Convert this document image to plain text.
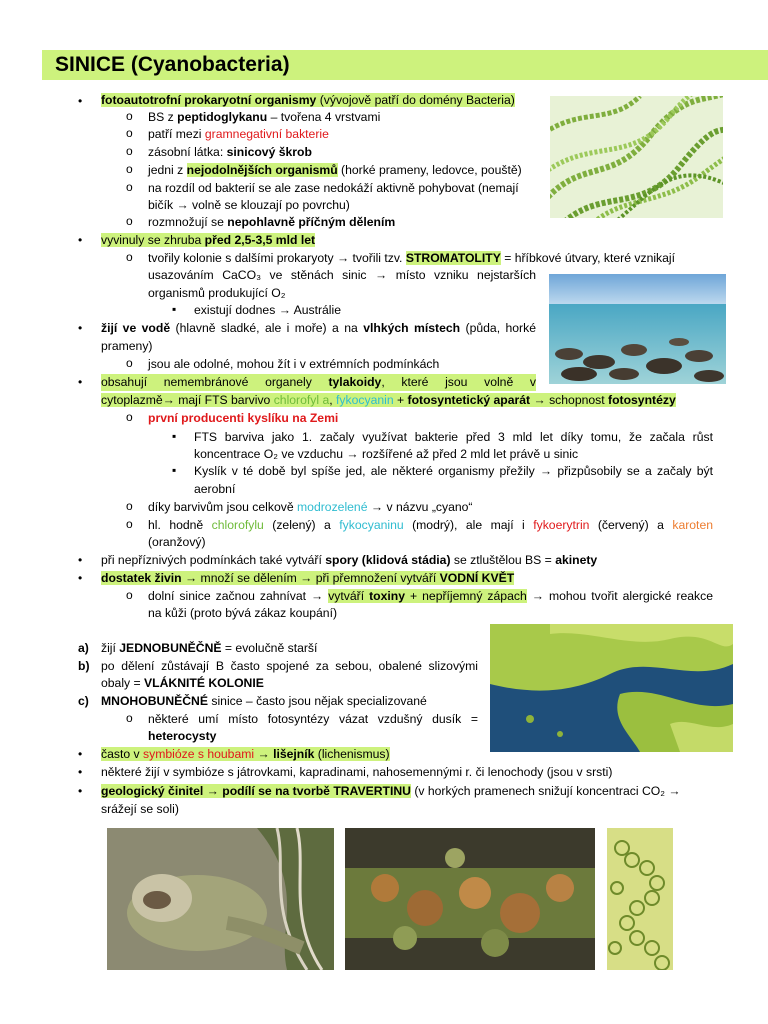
SINICE (Cyanobacteria)
• fotoautotrofní prokaryotní organismy (vývojově patří do domény Bacteria)
o BS z peptidoglykanu – tvořena 4 vrstvami
o patří mezi gramnegativní bakterie
o zásobní látka: sinicový škrob
o jedni z nejodolnějších organismů (horké prameny, ledovce, pouště)
o na rozdíl od bakterií se ale zase nedokáží aktivně pohybovat (nemají
bičík → volně se klouzají po povrchu)
o rozmnožují se nepohlavně příčným dělením
• vyvinuly se zhruba před 2,5-3,5 mld let
o tvořily kolonie s dalšími prokaryoty → tvořili tzv. STROMATOLITY = hříbkové útvary, které vznikají
usazováním CaCO₃ ve stěnách sinic → místo vzniku nejstarších
organismů produkující O₂
▪ existují dodnes → Austrálie
• žijí ve vodě (hlavně sladké, ale i moře) a na vlhkých místech (půda, horké
prameny)
o jsou ale odolné, mohou žít i v extrémních podmínkách
• obsahují nemembránové organely tylakoidy, které jsou volně v
cytoplazmě→ mají FTS barvivo chlorofyl a, fykocyanin + fotosyntetický aparát → schopnost fotosyntézy
o první producenti kyslíku na Zemi
▪ FTS barviva jako 1. začaly využívat bakterie před 3 mld let díky tomu, že začala růst
koncentrace O₂ ve vzduchu → rozšířené až před 2 mld let právě u sinic
▪ Kyslík v té době byl spíše jed, ale některé organismy přežily → přizpůsobily se a začaly být
aerobní
o díky barvivům jsou celkově modrozelené → v názvu „cyano“
o hl. hodně chlorofylu (zelený) a fykocyaninu (modrý), ale mají i fykoerytrin (červený) a karoten
(oranžový)
• při nepříznivých podmínkách také vytváří spory (klidová stádia) se ztluštělou BS = akinety
• dostatek živin → množí se dělením → při přemnožení vytváří VODNÍ KVĚT
o dolní sinice začnou zahnívat → vytváří toxiny + nepříjemný zápach → mohou tvořit alergické reakce
na kůži (proto bývá zákaz koupání)
a) žijí JEDNOBUNĚČNĚ = evolučně starší
b) po dělení zůstávají B často spojené za sebou, obalené slizovými
obaly = VLÁKNITÉ KOLONIE
c) MNOHOBUNĚČNÉ sinice – často jsou nějak specializované
o některé umí místo fotosyntézy vázat vzdušný dusík =
heterocysty
• často v symbióze s houbami → lišejník (lichenismus)
• některé žijí v symbióze s játrovkami, kapradinami, nahosemennými r. či lenochody (jsou v srsti)
• geologický činitel → podílí se na tvorbě TRAVERTINU (v horkých pramenech snižují koncentraci CO₂ →
srážejí se soli)
